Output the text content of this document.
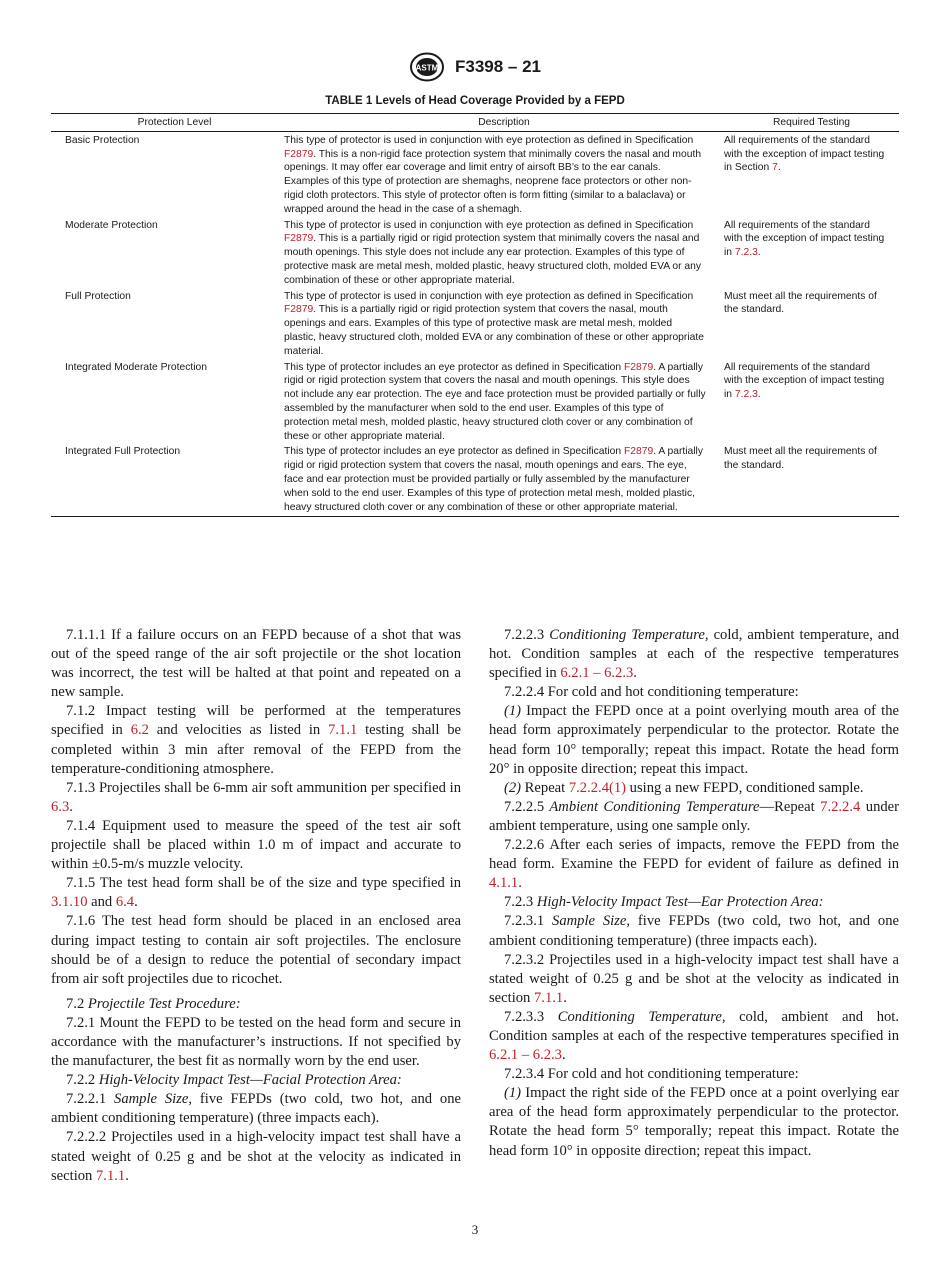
ASTM F3398 – 21
TABLE 1 Levels of Head Coverage Provided by a FEPD
Protection Level	Description	Required Testing
Basic Protection	This type of protector is used in conjunction with eye protection as defined in Specification F2879. This is a non-rigid face protection system that minimally covers the nasal and mouth openings. It may offer ear coverage and limit entry of airsoft BB’s to the ear canals. Examples of this type of protection are shemaghs, neoprene face protectors or other non-rigid cloth protectors. This style of protector often is form fitting (similar to a balaclava) or wrapped around the head in the case of a shemagh.	All requirements of the standard with the exception of impact testing in Section 7.
Moderate Protection	This type of protector is used in conjunction with eye protection as defined in Specification F2879. This is a partially rigid or rigid protection system that minimally covers the nasal and mouth openings. This style does not include any ear protection. Examples of this type of protective mask are metal mesh, molded plastic, heavy structured cloth, molded EVA or any combination of these or other appropriate material.	All requirements of the standard with the exception of impact testing in 7.2.3.
Full Protection	This type of protector is used in conjunction with eye protection as defined in Specification F2879. This is a partially rigid or rigid protection system that covers the nasal, mouth openings and ears. Examples of this type of protective mask are metal mesh, molded plastic, heavy structured cloth, molded EVA or any combination of these or other appropriate material.	Must meet all the requirements of the standard.
Integrated Moderate Protection	This type of protector includes an eye protector as defined in Specification F2879. A partially rigid or rigid protection system that covers the nasal and mouth openings. This style does not include any ear protection. The eye and face protection must be provided partially or fully assembled by the manufacturer when sold to the end user. Examples of this type of protection metal mesh, molded plastic, heavy structured cloth cover or any combination of these or other appropriate material.	All requirements of the standard with the exception of impact testing in 7.2.3.
Integrated Full Protection	This type of protector includes an eye protector as defined in Specification F2879. A partially rigid or rigid protection system that covers the nasal, mouth openings and ears. The eye, face and ear protection must be provided partially or fully assembled by the manufacturer when sold to the end user. Examples of this type of protection metal mesh, molded plastic, heavy structured cloth cover or any combination of these or other appropriate material.	Must meet all the requirements of the standard.

7.1.1.1 If a failure occurs on an FEPD because of a shot that was out of the speed range of the air soft projectile or the shot location was incorrect, the test will be halted at that point and repeated on a new sample.

7.1.2 Impact testing will be performed at the temperatures specified in 6.2 and velocities as listed in 7.1.1 testing shall be completed within 3 min after removal of the FEPD from the temperature-conditioning atmosphere.

7.1.3 Projectiles shall be 6-mm air soft ammunition per specified in 6.3.

7.1.4 Equipment used to measure the speed of the test air soft projectile shall be placed within 1.0 m of impact and accurate to within ±0.5-m/s muzzle velocity.

7.1.5 The test head form shall be of the size and type specified in 3.1.10 and 6.4.

7.1.6 The test head form should be placed in an enclosed area during impact testing to contain air soft projectiles. The enclosure should be of a design to reduce the potential of secondary impact from air soft projectiles due to ricochet.

7.2 Projectile Test Procedure:

7.2.1 Mount the FEPD to be tested on the head form and secure in accordance with the manufacturer’s instructions. If not specified by the manufacturer, the best fit as normally worn by the end user.

7.2.2 High-Velocity Impact Test—Facial Protection Area:

7.2.2.1 Sample Size, five FEPDs (two cold, two hot, and one ambient conditioning temperature) (three impacts each).

7.2.2.2 Projectiles used in a high-velocity impact test shall have a stated weight of 0.25 g and be shot at the velocity as indicated in section 7.1.1.

7.2.2.3 Conditioning Temperature, cold, ambient temperature, and hot. Condition samples at each of the respective temperatures specified in 6.2.1 – 6.2.3.

7.2.2.4 For cold and hot conditioning temperature:

(1) Impact the FEPD once at a point overlying mouth area of the head form approximately perpendicular to the protector. Rotate the head form 10° temporally; repeat this impact. Rotate the head form 20° in opposite direction; repeat this impact.

(2) Repeat 7.2.2.4(1) using a new FEPD, conditioned sample.

7.2.2.5 Ambient Conditioning Temperature—Repeat 7.2.2.4 under ambient temperature, using one sample only.

7.2.2.6 After each series of impacts, remove the FEPD from the head form. Examine the FEPD for evident of failure as defined in 4.1.1.

7.2.3 High-Velocity Impact Test—Ear Protection Area:

7.2.3.1 Sample Size, five FEPDs (two cold, two hot, and one ambient conditioning temperature) (three impacts each).

7.2.3.2 Projectiles used in a high-velocity impact test shall have a stated weight of 0.25 g and be shot at the velocity as indicated in section 7.1.1.

7.2.3.3 Conditioning Temperature, cold, ambient and hot. Condition samples at each of the respective temperatures specified in 6.2.1 – 6.2.3.

7.2.3.4 For cold and hot conditioning temperature:

(1) Impact the right side of the FEPD once at a point overlying ear area of the head form approximately perpendicular to the protector. Rotate the head form 5° temporally; repeat this impact. Rotate the head form 10° in opposite direction; repeat this impact.

3
